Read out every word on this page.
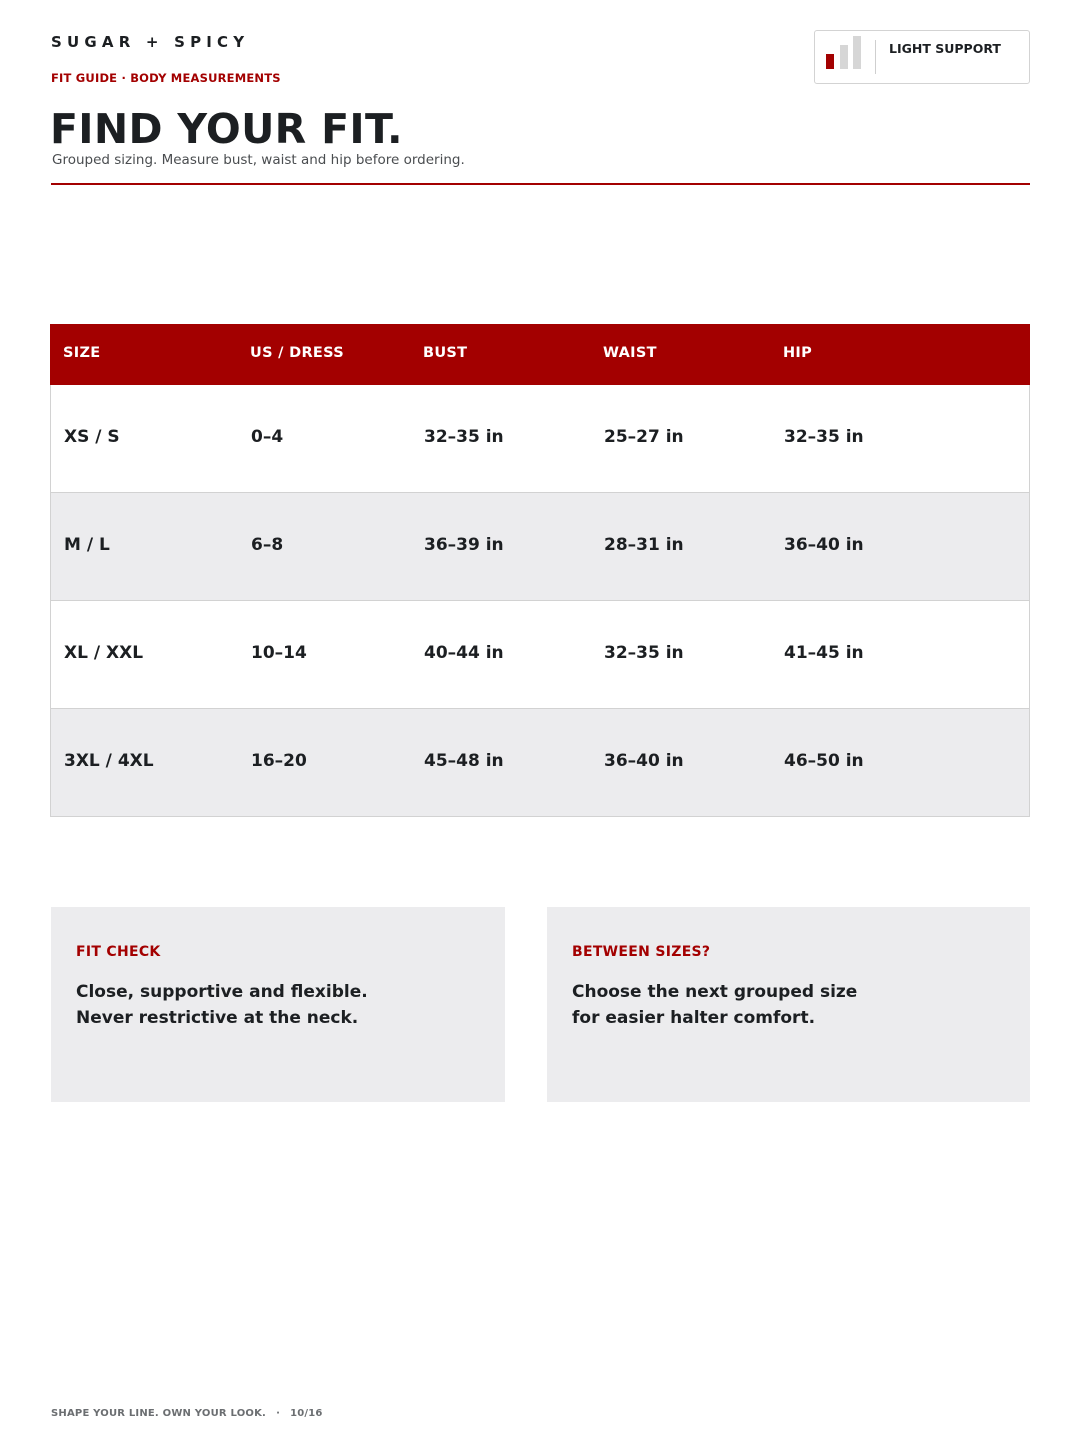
SUGAR + SPICY
FIT GUIDE · BODY MEASUREMENTS
FIND YOUR FIT.
Grouped sizing. Measure bust, waist and hip before ordering.
LIGHT SUPPORT
SIZE	US / DRESS	BUST	WAIST	HIP
XS / S	0–4	32–35 in	25–27 in	32–35 in
M / L	6–8	36–39 in	28–31 in	36–40 in
XL / XXL	10–14	40–44 in	32–35 in	41–45 in
3XL / 4XL	16–20	45–48 in	36–40 in	46–50 in
FIT CHECK
Close, supportive and flexible.
Never restrictive at the neck.
BETWEEN SIZES?
Choose the next grouped size
for easier halter comfort.
SHAPE YOUR LINE. OWN YOUR LOOK. · 10/16
